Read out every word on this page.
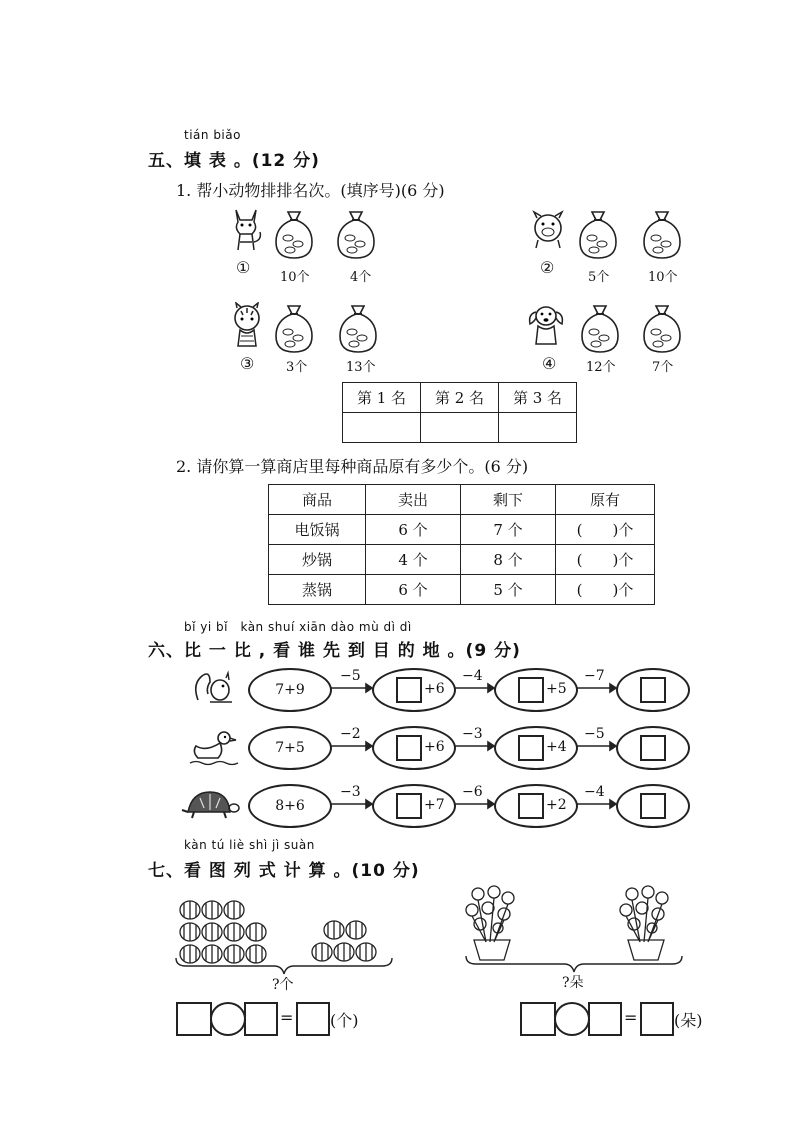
tián biǎo
五、填 表 。(12 分)
1. 帮小动物排排名次。(填序号)(6 分)
①
10个	4个
②
5个	10个
③ 3个	13个	④ 12个	7个
第 1 名	第 2 名	第 3 名

2. 请你算一算商店里每种商品原有多少个。(6 分)
商品	卖出	剩下	原有
电饭锅	6 个	7 个	(　　)个
炒锅	4 个	8 个	(　　)个
蒸锅	6 个	5 个	(　　)个
bǐ yi bǐ　kàn shuí xiān dào mù dì dì
六、比 一 比 , 看 谁 先 到 目 的 地 。(9 分)
7+9
−5
+6
−4
+5
−7
7+5
−2
+6
−3
+4
−5
8+6
−3
+7
−6
+2
−4
kàn tú liè shì jì suàn
七、看 图 列 式 计 算 。(10 分)
?个
= (个)
?朵
= (朵)
